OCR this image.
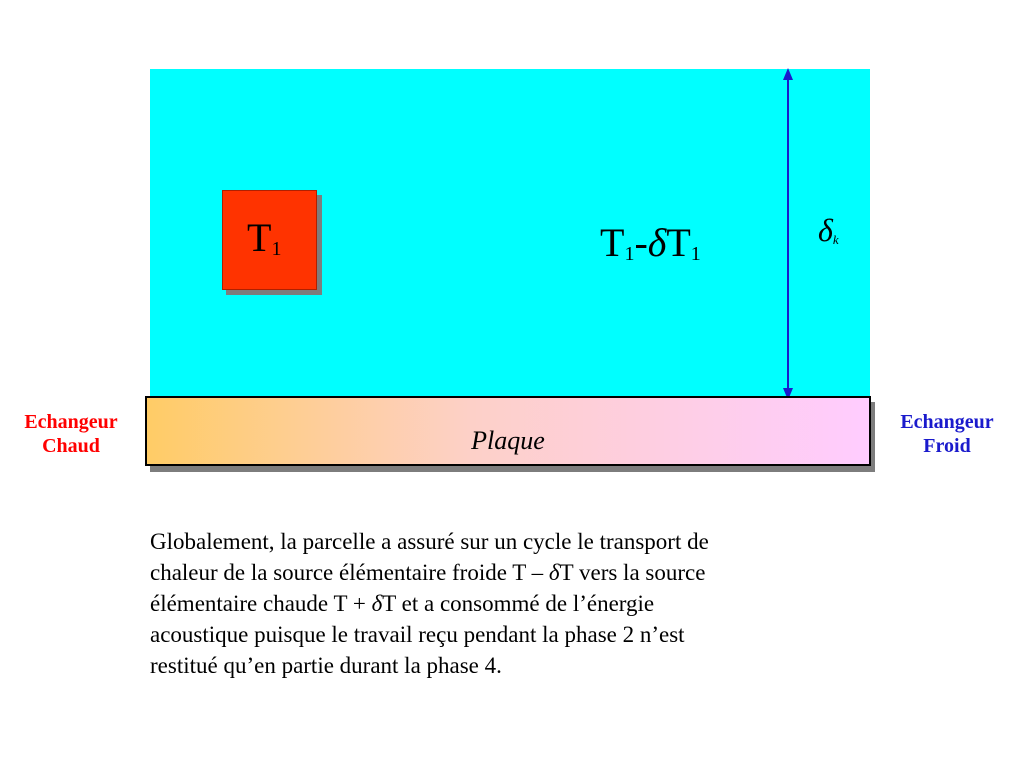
$T_1$	$T_1-\delta T_1$
$\delta_k$
Plaque
Echangeur
Chaud
Echangeur
Froid

Globalement, la parcelle a assuré sur un cycle le transport de

chaleur de la source élémentaire froide T – δT vers la source

élémentaire chaude T + δT et a consommé de l’énergie

acoustique puisque le travail reçu pendant la phase 2 n’est

restitué qu’en partie durant la phase 4.
